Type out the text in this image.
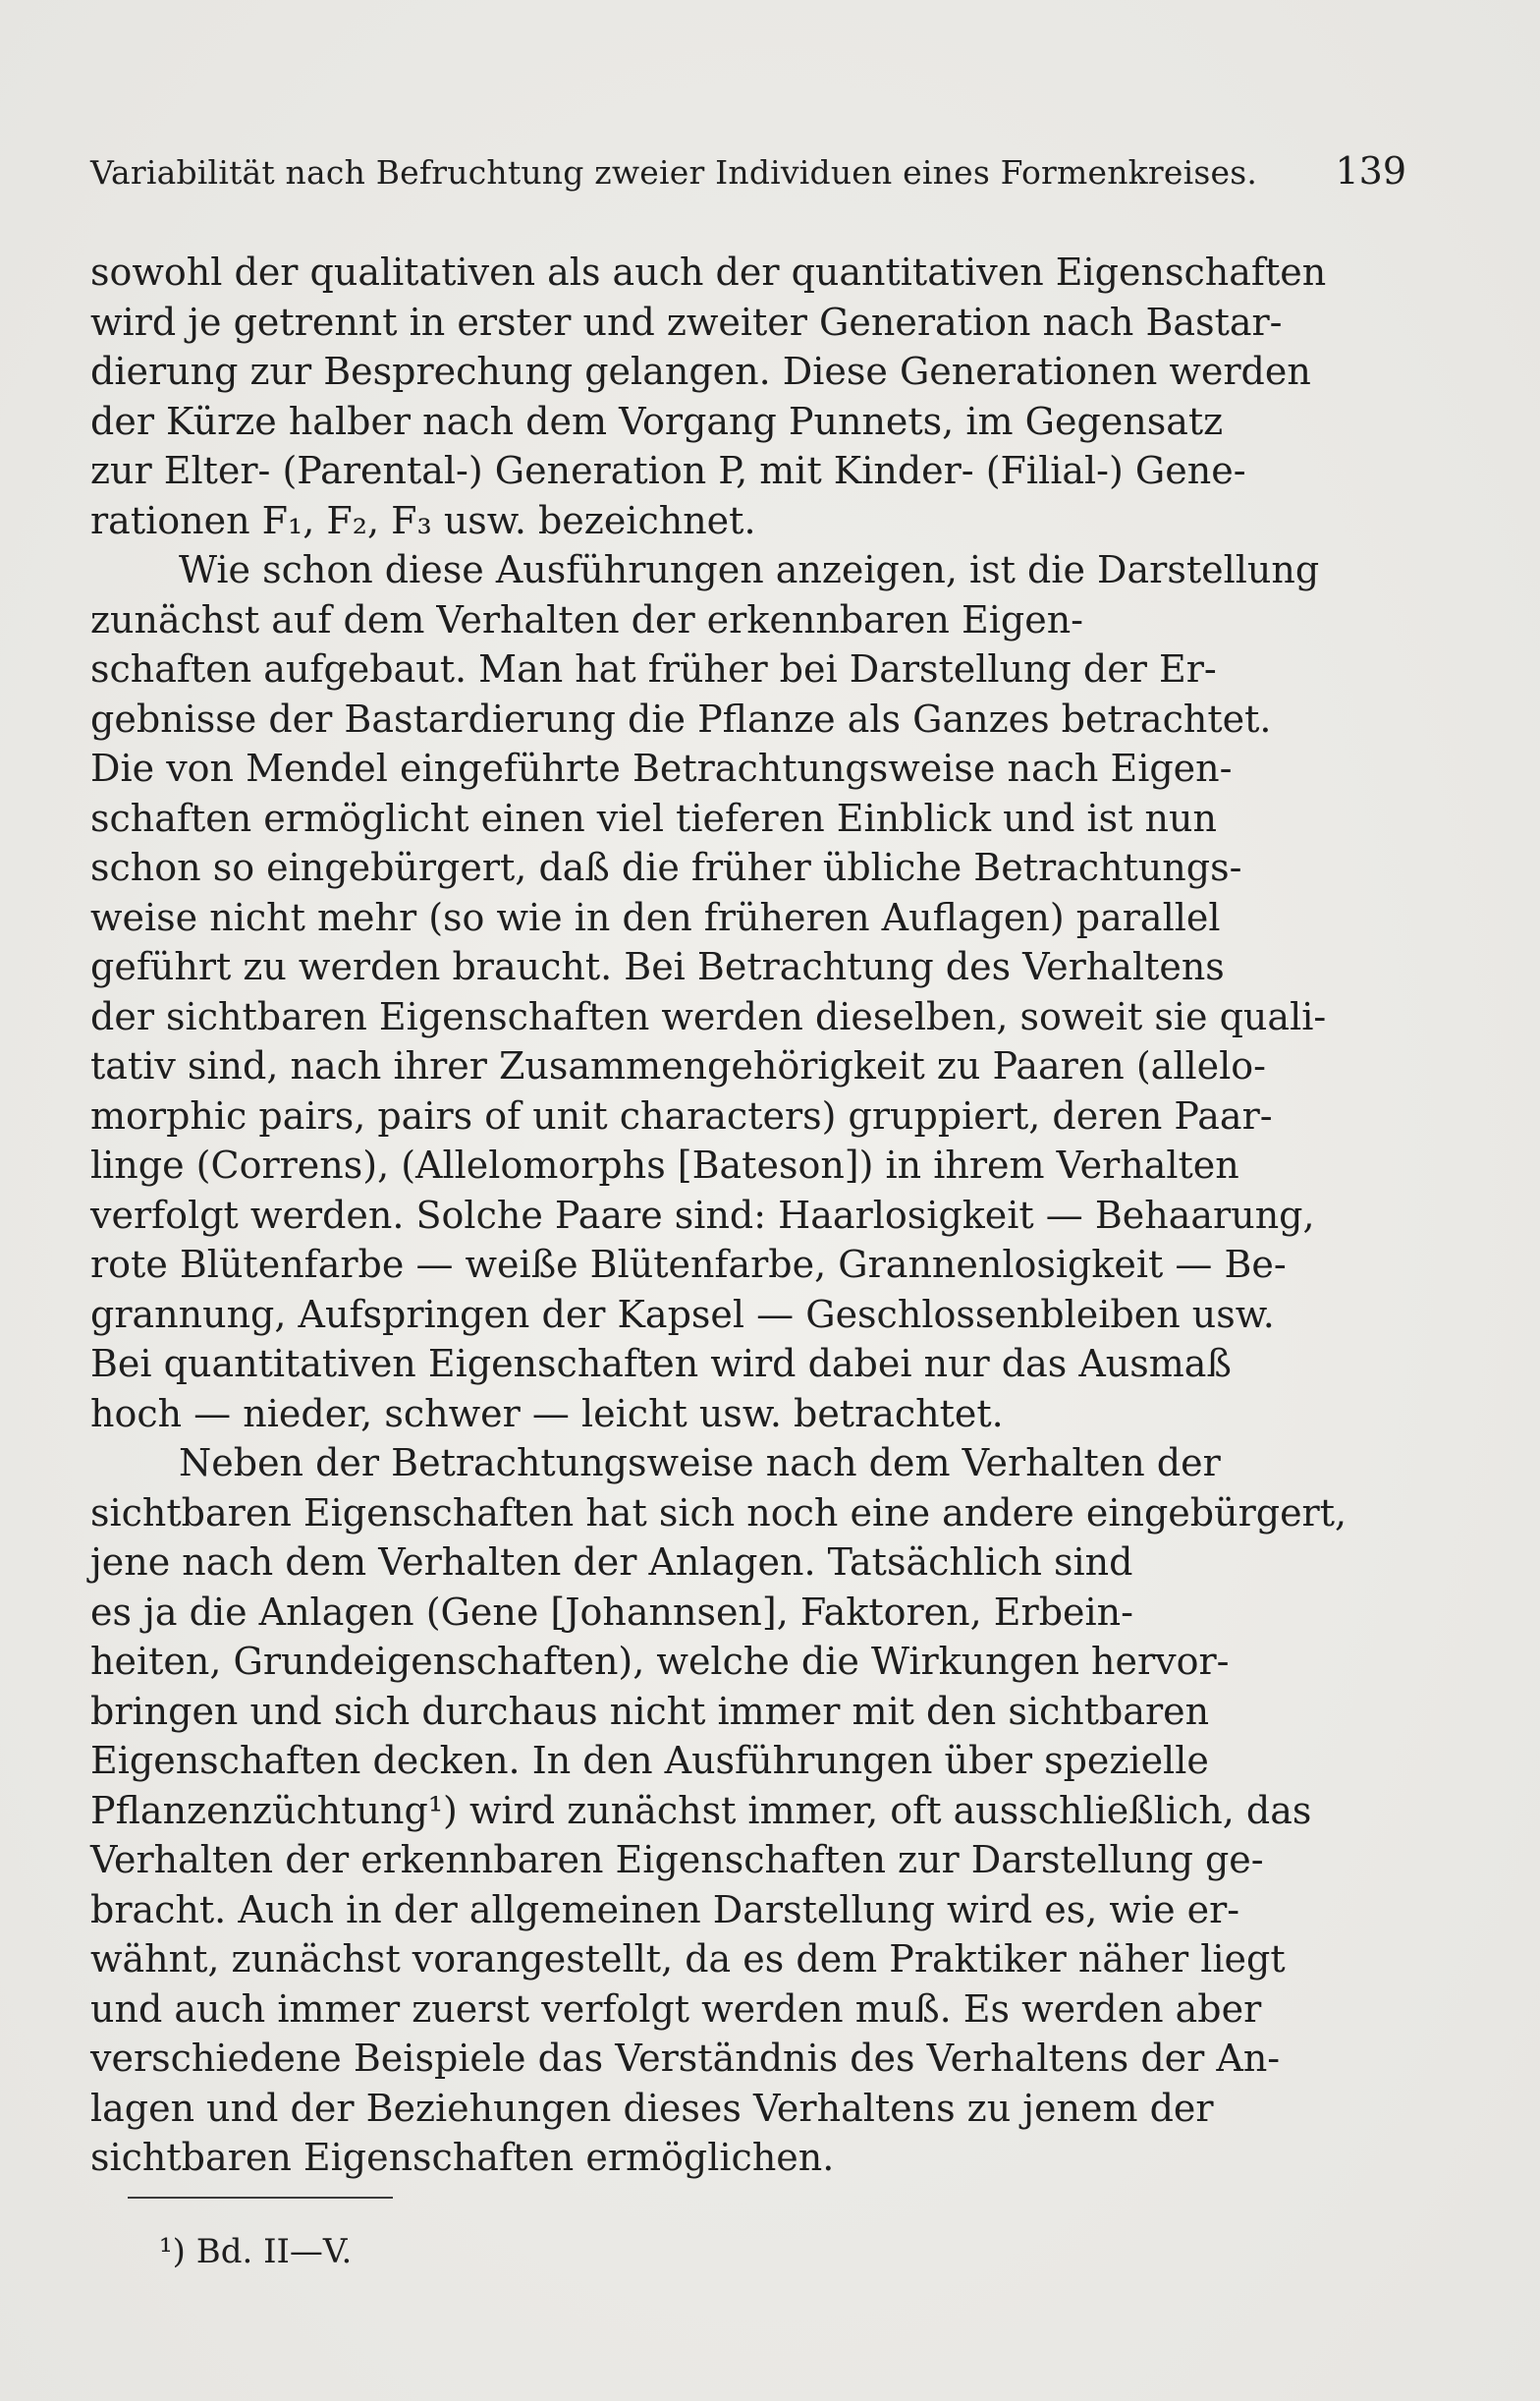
Variabilität nach Befruchtung zweier Individuen eines Formenkreises. 139
sowohl der qualitativen als auch der quantitativen Eigenschaften
wird je getrennt in erster und zweiter Generation nach Bastar-
dierung zur Besprechung gelangen. Diese Generationen werden
der Kürze halber nach dem Vorgang Punnets, im Gegensatz
zur Elter- (Parental-) Generation P, mit Kinder- (Filial-) Gene-
rationen F₁, F₂, F₃ usw. bezeichnet.
Wie schon diese Ausführungen anzeigen, ist die Darstellung
zunächst auf dem Verhalten der erkennbaren Eigen-
schaften aufgebaut. Man hat früher bei Darstellung der Er-
gebnisse der Bastardierung die Pflanze als Ganzes betrachtet.
Die von Mendel eingeführte Betrachtungsweise nach Eigen-
schaften ermöglicht einen viel tieferen Einblick und ist nun
schon so eingebürgert, daß die früher übliche Betrachtungs-
weise nicht mehr (so wie in den früheren Auflagen) parallel
geführt zu werden braucht. Bei Betrachtung des Verhaltens
der sichtbaren Eigenschaften werden dieselben, soweit sie quali-
tativ sind, nach ihrer Zusammengehörigkeit zu Paaren (allelo-
morphic pairs, pairs of unit characters) gruppiert, deren Paar-
linge (Correns), (Allelomorphs [Bateson]) in ihrem Verhalten
verfolgt werden. Solche Paare sind: Haarlosigkeit — Behaarung,
rote Blütenfarbe — weiße Blütenfarbe, Grannenlosigkeit — Be-
grannung, Aufspringen der Kapsel — Geschlossenbleiben usw.
Bei quantitativen Eigenschaften wird dabei nur das Ausmaß
hoch — nieder, schwer — leicht usw. betrachtet.
Neben der Betrachtungsweise nach dem Verhalten der
sichtbaren Eigenschaften hat sich noch eine andere eingebürgert,
jene nach dem Verhalten der Anlagen. Tatsächlich sind
es ja die Anlagen (Gene [Johannsen], Faktoren, Erbein-
heiten, Grundeigenschaften), welche die Wirkungen hervor-
bringen und sich durchaus nicht immer mit den sichtbaren
Eigenschaften decken. In den Ausführungen über spezielle
Pflanzenzüchtung¹) wird zunächst immer, oft ausschließlich, das
Verhalten der erkennbaren Eigenschaften zur Darstellung ge-
bracht. Auch in der allgemeinen Darstellung wird es, wie er-
wähnt, zunächst vorangestellt, da es dem Praktiker näher liegt
und auch immer zuerst verfolgt werden muß. Es werden aber
verschiedene Beispiele das Verständnis des Verhaltens der An-
lagen und der Beziehungen dieses Verhaltens zu jenem der
sichtbaren Eigenschaften ermöglichen.
¹) Bd. II—V.
